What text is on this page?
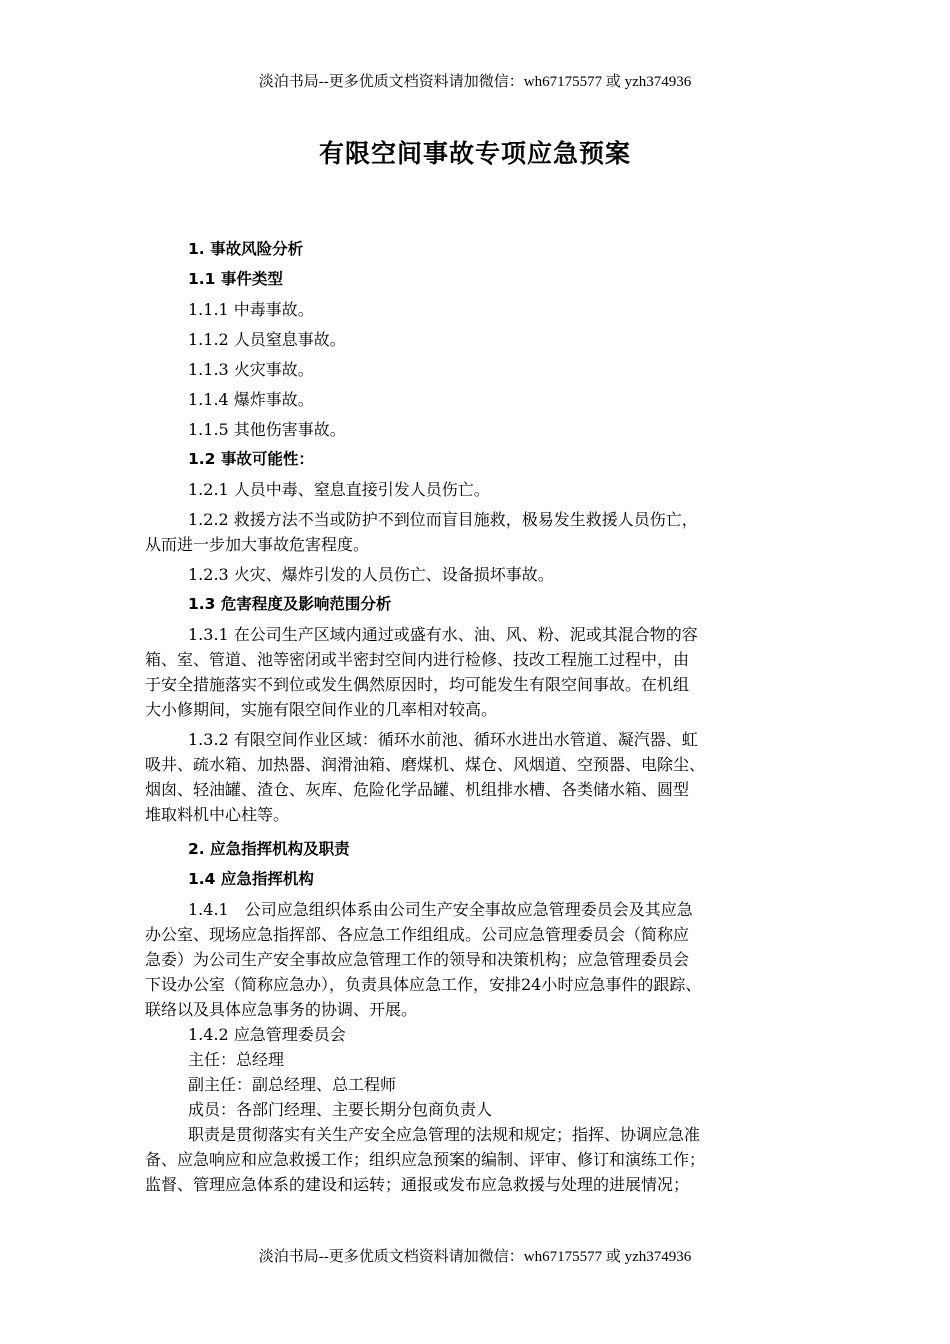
淡泊书局--更多优质文档资料请加微信：wh67175577 或 yzh374936
有限空间事故专项应急预案

1. 事故风险分析

1.1 事件类型

1.1.1 中毒事故。

1.1.2 人员窒息事故。

1.1.3 火灾事故。

1.1.4 爆炸事故。

1.1.5 其他伤害事故。

1.2 事故可能性：

1.2.1 人员中毒、窒息直接引发人员伤亡。

1.2.2 救援方法不当或防护不到位而盲目施救，极易发生救援人员伤亡，

从而进一步加大事故危害程度。

1.2.3 火灾、爆炸引发的人员伤亡、设备损坏事故。

1.3 危害程度及影响范围分析

1.3.1 在公司生产区域内通过或盛有水、油、风、粉、泥或其混合物的容

箱、室、管道、池等密闭或半密封空间内进行检修、技改工程施工过程中，由

于安全措施落实不到位或发生偶然原因时，均可能发生有限空间事故。在机组

大小修期间，实施有限空间作业的几率相对较高。

1.3.2 有限空间作业区域：循环水前池、循环水进出水管道、凝汽器、虹

吸井、疏水箱、加热器、润滑油箱、磨煤机、煤仓、风烟道、空预器、电除尘、

烟囱、轻油罐、渣仓、灰库、危险化学品罐、机组排水槽、各类储水箱、圆型

堆取料机中心柱等。

2. 应急指挥机构及职责

1.4 应急指挥机构

1.4.1　公司应急组织体系由公司生产安全事故应急管理委员会及其应急

办公室、现场应急指挥部、各应急工作组组成。公司应急管理委员会（简称应

急委）为公司生产安全事故应急管理工作的领导和决策机构；应急管理委员会

下设办公室（简称应急办），负责具体应急工作，安排24小时应急事件的跟踪、

联络以及具体应急事务的协调、开展。

1.4.2 应急管理委员会

主任：总经理

副主任：副总经理、总工程师

成员：各部门经理、主要长期分包商负责人

职责是贯彻落实有关生产安全应急管理的法规和规定；指挥、协调应急准

备、应急响应和应急救援工作；组织应急预案的编制、评审、修订和演练工作；

监督、管理应急体系的建设和运转；通报或发布应急救援与处理的进展情况；

淡泊书局--更多优质文档资料请加微信：wh67175577 或 yzh374936
